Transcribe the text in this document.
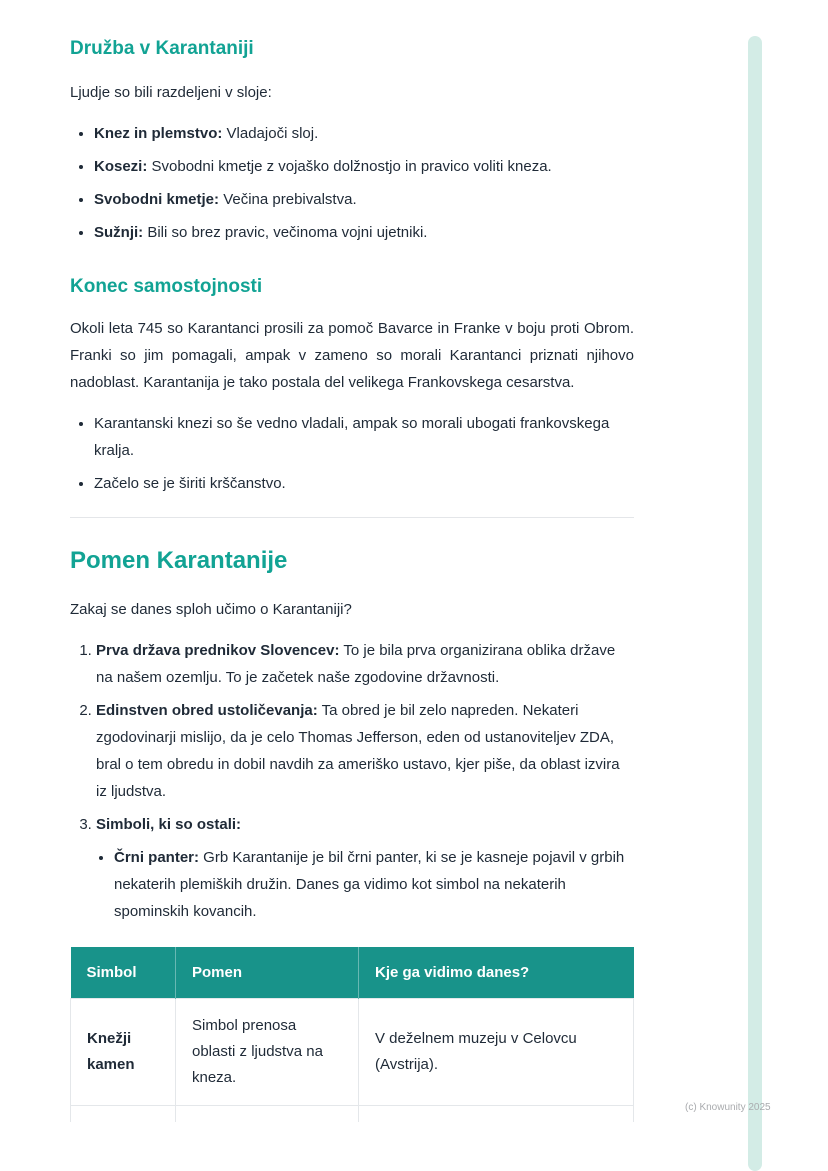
Družba v Karantaniji

Ljudje so bili razdeljeni v sloje:

• Knez in plemstvo: Vladajoči sloj.
• Kosezi: Svobodni kmetje z vojaško dolžnostjo in pravico voliti kneza.
• Svobodni kmetje: Večina prebivalstva.
• Sužnji: Bili so brez pravic, večinoma vojni ujetniki.
Konec samostojnosti

Okoli leta 745 so Karantanci prosili za pomoč Bavarce in Franke v boju proti Obrom. Franki so jim pomagali, ampak v zameno so morali Karantanci priznati njihovo nadoblast. Karantanija je tako postala del velikega Frankovskega cesarstva.

• Karantanski knezi so še vedno vladali, ampak so morali ubogati frankovskega kralja.
• Začelo se je širiti krščanstvo.
Pomen Karantanije

Zakaj se danes sploh učimo o Karantaniji?

1. Prva država prednikov Slovencev: To je bila prva organizirana oblika države na našem ozemlju. To je začetek naše zgodovine državnosti.
2. Edinstven obred ustoličevanja: Ta obred je bil zelo napreden. Nekateri zgodovinarji mislijo, da je celo Thomas Jefferson, eden od ustanoviteljev ZDA, bral o tem obredu in dobil navdih za ameriško ustavo, kjer piše, da oblast izvira iz ljudstva.
3. Simboli, ki so ostali:
• Črni panter: Grb Karantanije je bil črni panter, ki se je kasneje pojavil v grbih nekaterih plemiških družin. Danes ga vidimo kot simbol na nekaterih spominskih kovancih.
Simbol	Pomen	Kje ga vidimo danes?
Knežji kamen	Simbol prenosa oblasti z ljudstva na kneza.	V deželnem muzeju v Celovcu (Avstrija).

(c) Knowunity 2025
